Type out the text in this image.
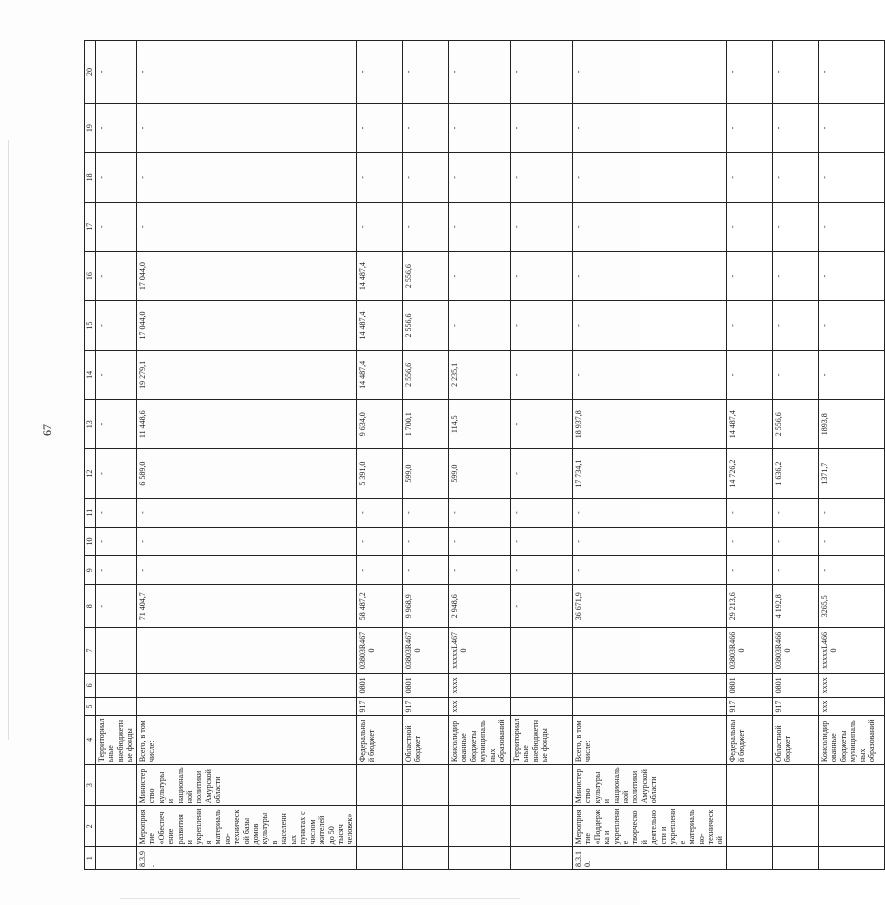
67
1	2	3	4	5	6	7	8	9	10	11	12	13	14	15	16	17	18	19	20
			Территориальные внебюджетные фонды				-	-	-	-	-	-	-	-	-	-	-	-	-
8.3.9.	Мероприятие «Обеспечение развития и укрепления материально-технической базы домов культуры в населенных пунктах с числом жителей до 50 тысяч человек»	Министерство культуры и национальной политики Амурской области	Всего, в том числе:				71 404,7	-	-	-	6 589,0	11 448,6	19 279,1	17 044,0	17 044,0	-	-	-	-
			Федеральный бюджет	917	0801	03803R4670	58 487,2	-	-	-	5 391,0	9 634,0	14 487,4	14 487,4	14 487,4	-	-	-	-
			Областной бюджет	917	0801	03803R4670	9 968,9	-	-	-	599,0	1 700,1	2 556,6	2 556,6	2 556,6	-	-	-	-
			Консолидированные бюджеты муниципальных образований	xxx	xxxx	xxxxxL4670	2 948,6	-	-	-	599,0	114,5	2 235,1	-	-	-	-	-	-
			Территориальные внебюджетные фонды				-	-	-	-	-	-	-	-	-	-	-	-	-
8.3.10.	Мероприятие «Поддержка и укрепление творческой деятельности и укрепление материально-технической	Министерство культуры и национальной политики Амурской области	Всего, в том числе:				36 671,9	-	-	-	17 734,1	18 937,8	-	-	-	-	-	-	-
			Федеральный бюджет	917	0801	03803R4660	29 213,6	-	-	-	14 726,2	14 487,4	-	-	-	-	-	-	-
			Областной бюджет	917	0801	03803R4660	4 192,8	-	-	-	1 636,2	2 556,6	-	-	-	-	-	-	-
			Консолидированные бюджеты муниципальных образований	xxx	xxxx	xxxxxL4660	3265,5	-	-	-	1371,7	1893,8	-	-	-	-	-	-	-
